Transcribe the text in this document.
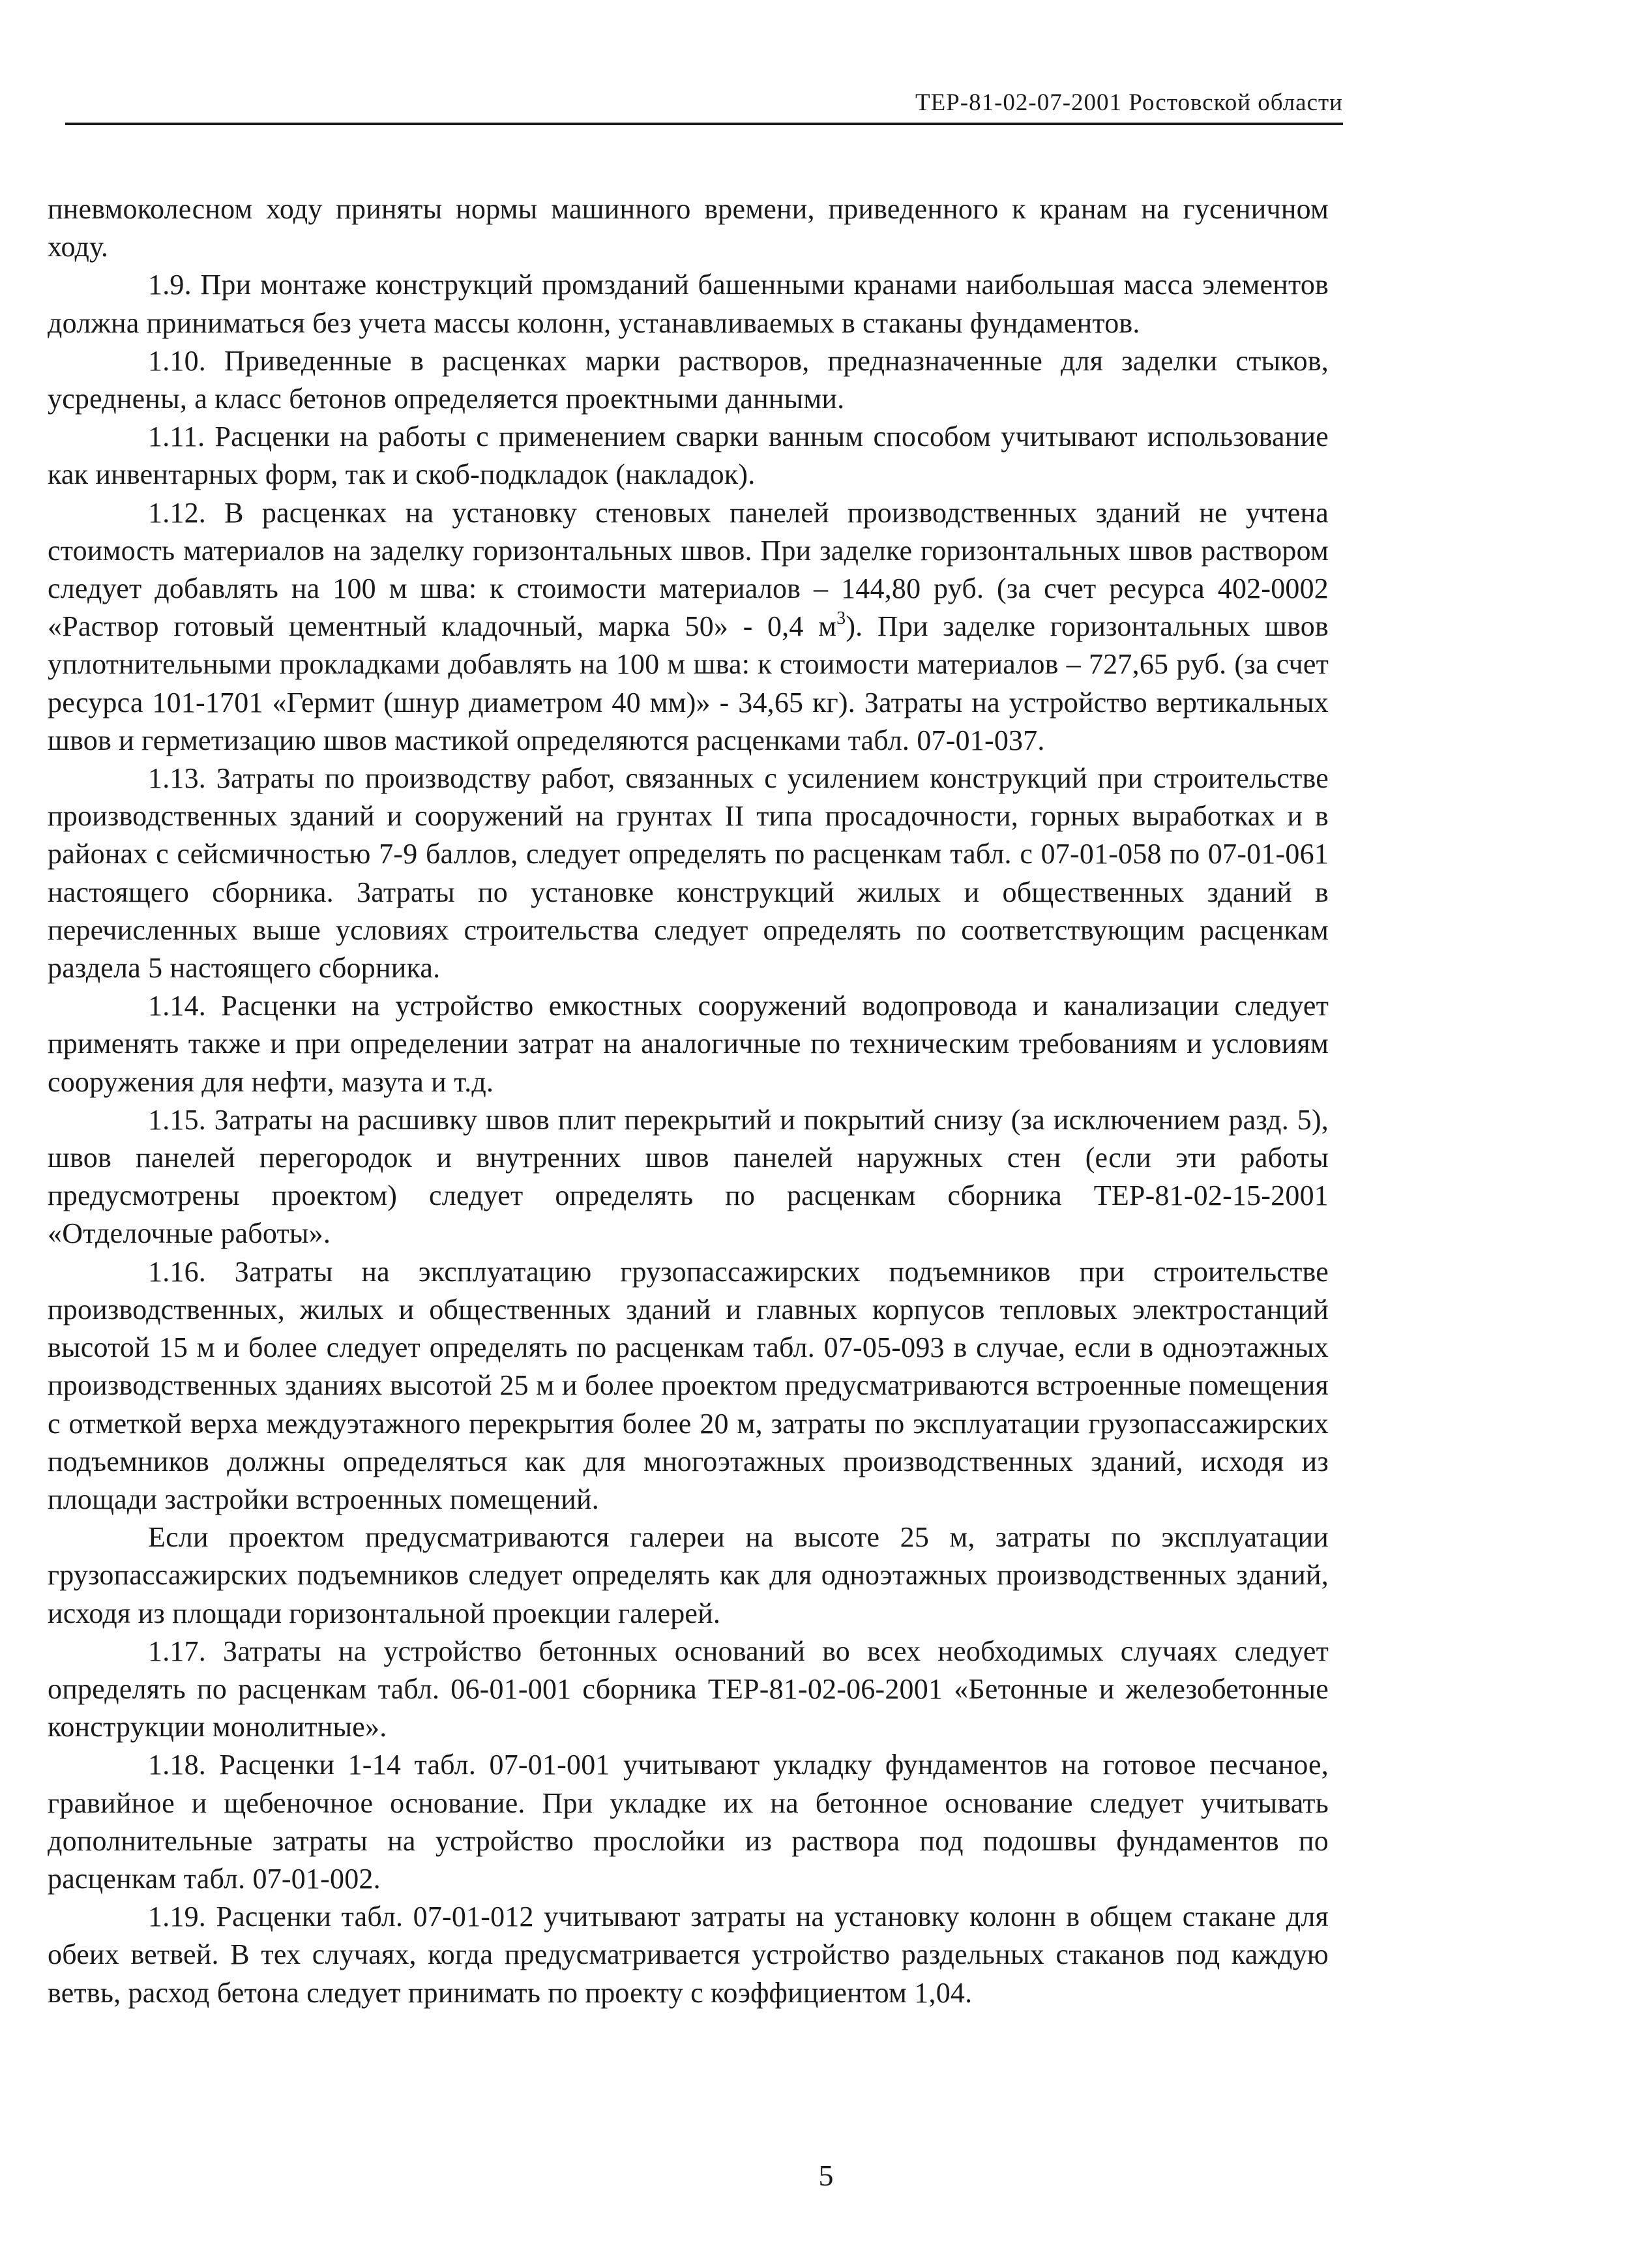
ТЕР-81-02-07-2001 Ростовской области

пневмоколесном ходу приняты нормы машинного времени, приведенного к кранам на гусеничном ходу.

1.9. При монтаже конструкций промзданий башенными кранами наибольшая масса элементов должна приниматься без учета массы колонн, устанавливаемых в стаканы фундаментов.

1.10. Приведенные в расценках марки растворов, предназначенные для заделки стыков, усреднены, а класс бетонов определяется проектными данными.

1.11. Расценки на работы с применением сварки ванным способом учитывают использование как инвентарных форм, так и скоб-подкладок (накладок).

1.12. В расценках на установку стеновых панелей производственных зданий не учтена стоимость материалов на заделку горизонтальных швов. При заделке горизонтальных швов раствором следует добавлять на 100 м шва: к стоимости материалов – 144,80 руб. (за счет ресурса 402-0002 «Раствор готовый цементный кладочный, марка 50» - 0,4 $м^3$). При заделке горизонтальных швов уплотнительными прокладками добавлять на 100 м шва: к стоимости материалов – 727,65 руб. (за счет ресурса 101-1701 «Гермит (шнур диаметром 40 мм)» - 34,65 кг). Затраты на устройство вертикальных швов и герметизацию швов мастикой определяются расценками табл. 07-01-037.

1.13. Затраты по производству работ, связанных с усилением конструкций при строительстве производственных зданий и сооружений на грунтах II типа просадочности, горных выработках и в районах с сейсмичностью 7-9 баллов, следует определять по расценкам табл. с 07-01-058 по 07-01-061 настоящего сборника. Затраты по установке конструкций жилых и общественных зданий в перечисленных выше условиях строительства следует определять по соответствующим расценкам раздела 5 настоящего сборника.

1.14. Расценки на устройство емкостных сооружений водопровода и канализации следует применять также и при определении затрат на аналогичные по техническим требованиям и условиям сооружения для нефти, мазута и т.д.

1.15. Затраты на расшивку швов плит перекрытий и покрытий снизу (за исключением разд. 5), швов панелей перегородок и внутренних швов панелей наружных стен (если эти работы предусмотрены проектом) следует определять по расценкам сборника ТЕР-81-02-15-2001 «Отделочные работы».

1.16. Затраты на эксплуатацию грузопассажирских подъемников при строительстве производственных, жилых и общественных зданий и главных корпусов тепловых электростанций высотой 15 м и более следует определять по расценкам табл. 07-05-093 в случае, если в одноэтажных производственных зданиях высотой 25 м и более проектом предусматриваются встроенные помещения с отметкой верха междуэтажного перекрытия более 20 м, затраты по эксплуатации грузопассажирских подъемников должны определяться как для многоэтажных производственных зданий, исходя из площади застройки встроенных помещений.

Если проектом предусматриваются галереи на высоте 25 м, затраты по эксплуатации грузопассажирских подъемников следует определять как для одноэтажных производственных зданий, исходя из площади горизонтальной проекции галерей.

1.17. Затраты на устройство бетонных оснований во всех необходимых случаях следует определять по расценкам табл. 06-01-001 сборника ТЕР-81-02-06-2001 «Бетонные и железобетонные конструкции монолитные».

1.18. Расценки 1-14 табл. 07-01-001 учитывают укладку фундаментов на готовое песчаное, гравийное и щебеночное основание. При укладке их на бетонное основание следует учитывать дополнительные затраты на устройство прослойки из раствора под подошвы фундаментов по расценкам табл. 07-01-002.

1.19. Расценки табл. 07-01-012 учитывают затраты на установку колонн в общем стакане для обеих ветвей. В тех случаях, когда предусматривается устройство раздельных стаканов под каждую ветвь, расход бетона следует принимать по проекту с коэффициентом 1,04.

5
